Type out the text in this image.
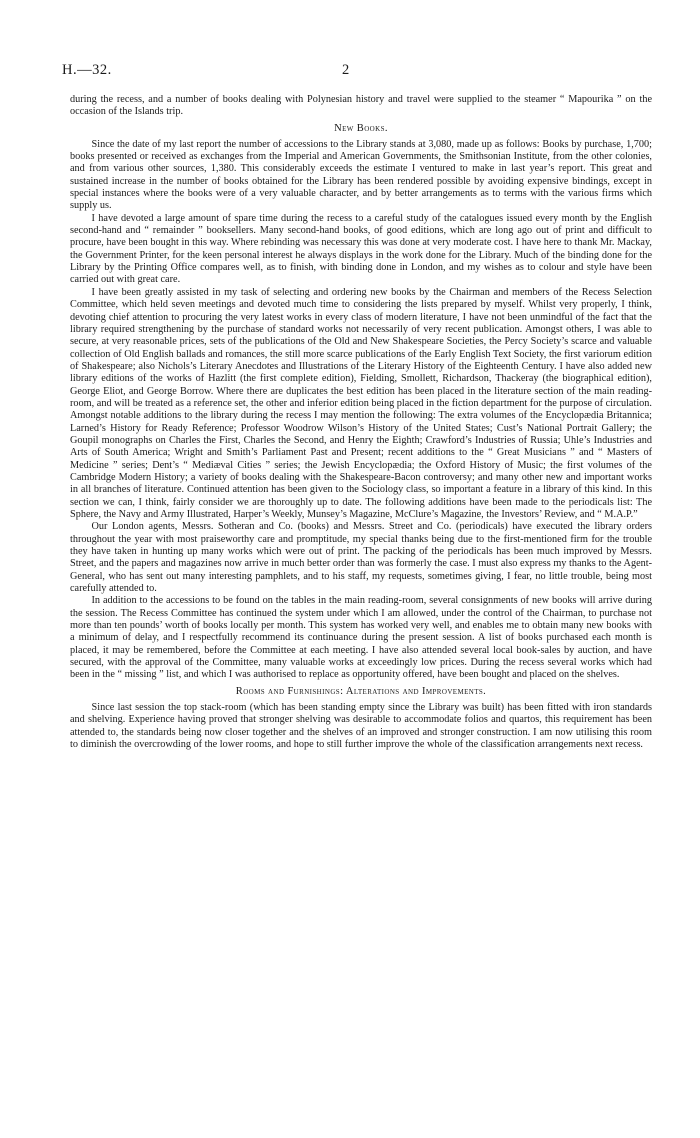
H.—32.	2

during the recess, and a number of books dealing with Polynesian history and travel were supplied to the steamer “ Mapourika ” on the occasion of the Islands trip.

New Books.

Since the date of my last report the number of accessions to the Library stands at 3,080, made up as follows: Books by purchase, 1,700; books presented or received as exchanges from the Imperial and American Governments, the Smithsonian Institute, from the other colonies, and from various other sources, 1,380. This considerably exceeds the estimate I ventured to make in last year’s report. This great and sustained increase in the number of books obtained for the Library has been rendered possible by avoiding expensive bindings, except in special instances where the books were of a very valuable character, and by better arrangements as to terms with the various firms which supply us.

I have devoted a large amount of spare time during the recess to a careful study of the catalogues issued every month by the English second-hand and “ remainder ” booksellers. Many second-hand books, of good editions, which are long ago out of print and difficult to procure, have been bought in this way. Where rebinding was necessary this was done at very moderate cost. I have here to thank Mr. Mackay, the Government Printer, for the keen personal interest he always displays in the work done for the Library. Much of the binding done for the Library by the Printing Office compares well, as to finish, with binding done in London, and my wishes as to colour and style have been carried out with great care.

I have been greatly assisted in my task of selecting and ordering new books by the Chairman and members of the Recess Selection Committee, which held seven meetings and devoted much time to considering the lists prepared by myself. Whilst very properly, I think, devoting chief attention to procuring the very latest works in every class of modern literature, I have not been unmindful of the fact that the library required strengthening by the purchase of standard works not necessarily of very recent publication. Amongst others, I was able to secure, at very reasonable prices, sets of the publications of the Old and New Shakespeare Societies, the Percy Society’s scarce and valuable collection of Old English ballads and romances, the still more scarce publications of the Early English Text Society, the first variorum edition of Shakespeare; also Nichols’s Literary Anecdotes and Illustrations of the Literary History of the Eighteenth Century. I have also added new library editions of the works of Hazlitt (the first complete edition), Fielding, Smollett, Richardson, Thackeray (the biographical edition), George Eliot, and George Borrow. Where there are duplicates the best edition has been placed in the literature section of the main reading-room, and will be treated as a reference set, the other and inferior edition being placed in the fiction department for the purpose of circulation. Amongst notable additions to the library during the recess I may mention the following: The extra volumes of the Encyclopædia Britannica; Larned’s History for Ready Reference; Professor Woodrow Wilson’s History of the United States; Cust’s National Portrait Gallery; the Goupil monographs on Charles the First, Charles the Second, and Henry the Eighth; Crawford’s Industries of Russia; Uhle’s Industries and Arts of South America; Wright and Smith’s Parliament Past and Present; recent additions to the “ Great Musicians ” and “ Masters of Medicine ” series; Dent’s “ Mediæval Cities ” series; the Jewish Encyclopædia; the Oxford History of Music; the first volumes of the Cambridge Modern History; a variety of books dealing with the Shakespeare-Bacon controversy; and many other new and important works in all branches of literature. Continued attention has been given to the Sociology class, so important a feature in a library of this kind. In this section we can, I think, fairly consider we are thoroughly up to date. The following additions have been made to the periodicals list: The Sphere, the Navy and Army Illustrated, Harper’s Weekly, Munsey’s Magazine, McClure’s Magazine, the Investors’ Review, and “ M.A.P.”

Our London agents, Messrs. Sotheran and Co. (books) and Messrs. Street and Co. (periodicals) have executed the library orders throughout the year with most praiseworthy care and promptitude, my special thanks being due to the first-mentioned firm for the trouble they have taken in hunting up many works which were out of print. The packing of the periodicals has been much improved by Messrs. Street, and the papers and magazines now arrive in much better order than was formerly the case. I must also express my thanks to the Agent-General, who has sent out many interesting pamphlets, and to his staff, my requests, sometimes giving, I fear, no little trouble, being most carefully attended to.

In addition to the accessions to be found on the tables in the main reading-room, several consignments of new books will arrive during the session. The Recess Committee has continued the system under which I am allowed, under the control of the Chairman, to purchase not more than ten pounds’ worth of books locally per month. This system has worked very well, and enables me to obtain many new books with a minimum of delay, and I respectfully recommend its continuance during the present session. A list of books purchased each month is placed, it may be remembered, before the Committee at each meeting. I have also attended several local book-sales by auction, and have secured, with the approval of the Committee, many valuable works at exceedingly low prices. During the recess several works which had been in the “ missing ” list, and which I was authorised to replace as opportunity offered, have been bought and placed on the shelves.

Rooms and Furnishings: Alterations and Improvements.

Since last session the top stack-room (which has been standing empty since the Library was built) has been fitted with iron standards and shelving. Experience having proved that stronger shelving was desirable to accommodate folios and quartos, this requirement has been attended to, the standards being now closer together and the shelves of an improved and stronger construction. I am now utilising this room to diminish the overcrowding of the lower rooms, and hope to still further improve the whole of the classification arrangements next recess.
